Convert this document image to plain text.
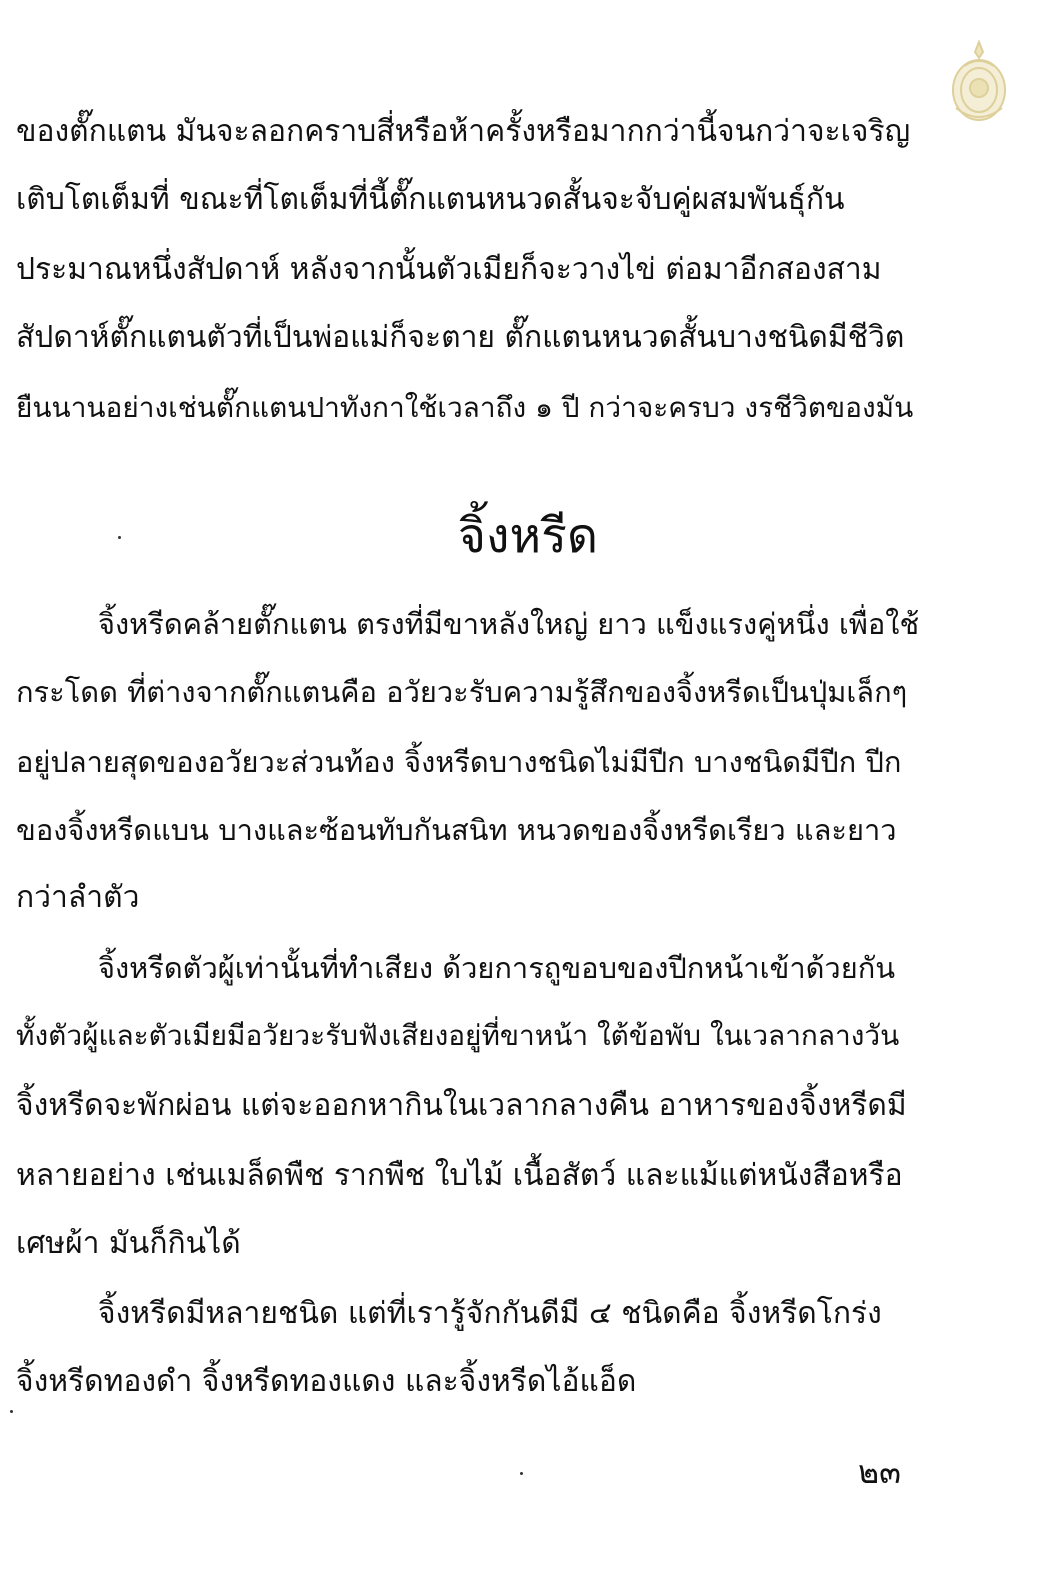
ของตั๊กแตน มันจะลอกคราบสี่หรือห้าครั้งหรือมากกว่านี้จนกว่าจะเจริญ
เติบโตเต็มที่ ขณะที่โตเต็มที่นี้ตั๊กแตนหนวดสั้นจะจับคู่ผสมพันธุ์กัน
ประมาณหนึ่งสัปดาห์ หลังจากนั้นตัวเมียก็จะวางไข่ ต่อมาอีกสองสาม
สัปดาห์ตั๊กแตนตัวที่เป็นพ่อแม่ก็จะตาย ตั๊กแตนหนวดสั้นบางชนิดมีชีวิต
ยืนนานอย่างเช่นตั๊กแตนปาทังกาใช้เวลาถึง ๑ ปี กว่าจะครบว งรชีวิตของมัน
จิ้งหรีด
จิ้งหรีดคล้ายตั๊กแตน ตรงที่มีขาหลังใหญ่ ยาว แข็งแรงคู่หนึ่ง เพื่อใช้
กระโดด ที่ต่างจากตั๊กแตนคือ อวัยวะรับความรู้สึกของจิ้งหรีดเป็นปุ่มเล็กๆ
อยู่ปลายสุดของอวัยวะส่วนท้อง จิ้งหรีดบางชนิดไม่มีปีก บางชนิดมีปีก ปีก
ของจิ้งหรีดแบน บางและซ้อนทับกันสนิท หนวดของจิ้งหรีดเรียว และยาว
กว่าลำตัว
จิ้งหรีดตัวผู้เท่านั้นที่ทำเสียง ด้วยการถูขอบของปีกหน้าเข้าด้วยกัน
ทั้งตัวผู้และตัวเมียมีอวัยวะรับฟังเสียงอยู่ที่ขาหน้า ใต้ข้อพับ ในเวลากลางวัน
จิ้งหรีดจะพักผ่อน แต่จะออกหากินในเวลากลางคืน อาหารของจิ้งหรีดมี
หลายอย่าง เช่นเมล็ดพืช รากพืช ใบไม้ เนื้อสัตว์ และแม้แต่หนังสือหรือ
เศษผ้า มันก็กินได้
จิ้งหรีดมีหลายชนิด แต่ที่เรารู้จักกันดีมี ๔ ชนิดคือ จิ้งหรีดโกร่ง
จิ้งหรีดทองดำ จิ้งหรีดทองแดง และจิ้งหรีดไอ้แอ็ด
๒๓
